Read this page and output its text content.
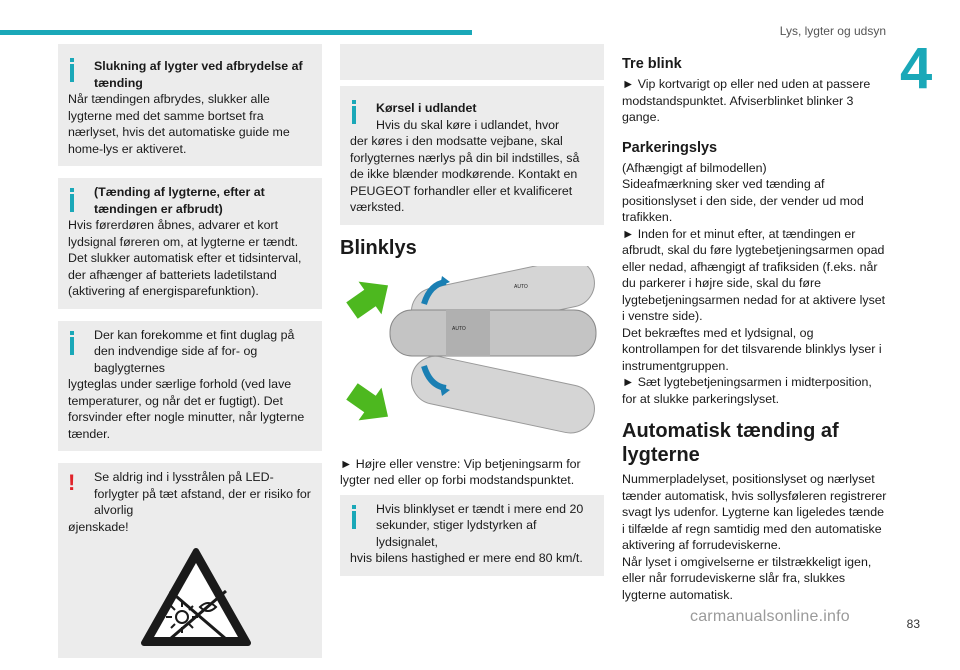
Lys, lygter og udsyn
4
Slukning af lygter ved afbrydelse af tænding
Når tændingen afbrydes, slukker alle lygterne med det samme bortset fra nærlyset, hvis det automatiske guide me home-lys er aktiveret.
(Tænding af lygterne, efter at tændingen er afbrudt)
Hvis førerdøren åbnes, advarer et kort lydsignal føreren om, at lygterne er tændt. Det slukker automatisk efter et tidsinterval, der afhænger af batteriets ladetilstand (aktivering af energisparefunktion).
Der kan forekomme et fint duglag på den indvendige side af for- og baglygternes
lygteglas under særlige forhold (ved lave temperaturer, og når det er fugtigt). Det forsvinder efter nogle minutter, når lygterne tænder.
!	Se aldrig ind i lysstrålen på LED-forlygter på tæt afstand, der er risiko for alvorlig
øjenskade!
Kørsel i udlandet
Hvis du skal køre i udlandet, hvor
der køres i den modsatte vejbane, skal forlygternes nærlys på din bil indstilles, så de ikke blænder modkørende. Kontakt en PEUGEOT forhandler eller et kvalificeret værksted.
Blinklys
AUTO
AUTO

► Højre eller venstre: Vip betjeningsarm for lygter ned eller op forbi modstandspunktet.

Hvis blinklyset er tændt i mere end 20 sekunder, stiger lydstyrken af lydsignalet,
hvis bilens hastighed er mere end 80 km/t.
Tre blink

► Vip kortvarigt op eller ned uden at passere modstandspunktet. Afviserblinket blinker 3 gange.

Parkeringslys

(Afhængigt af bilmodellen)

Sideafmærkning sker ved tænding af positionslyset i den side, der vender ud mod trafikken.

► Inden for et minut efter, at tændingen er afbrudt, skal du føre lygtebetjeningsarmen opad eller nedad, afhængigt af trafiksiden (f.eks. når du parkerer i højre side, skal du føre lygtebetjeningsarmen nedad for at aktivere lyset i venstre side).

Det bekræftes med et lydsignal, og kontrollampen for det tilsvarende blinklys lyser i instrumentgruppen.

► Sæt lygtebetjeningsarmen i midterposition, for at slukke parkeringslyset.

Automatisk tænding af lygterne

Nummerpladelyset, positionslyset og nærlyset tænder automatisk, hvis sollysføleren registrerer svagt lys udenfor. Lygterne kan ligeledes tænde i tilfælde af regn samtidig med den automatiske aktivering af forrudeviskerne.

Når lyset i omgivelserne er tilstrækkeligt igen, eller når forrudeviskerne slår fra, slukkes lygterne automatisk.

carmanualsonline.info	83
